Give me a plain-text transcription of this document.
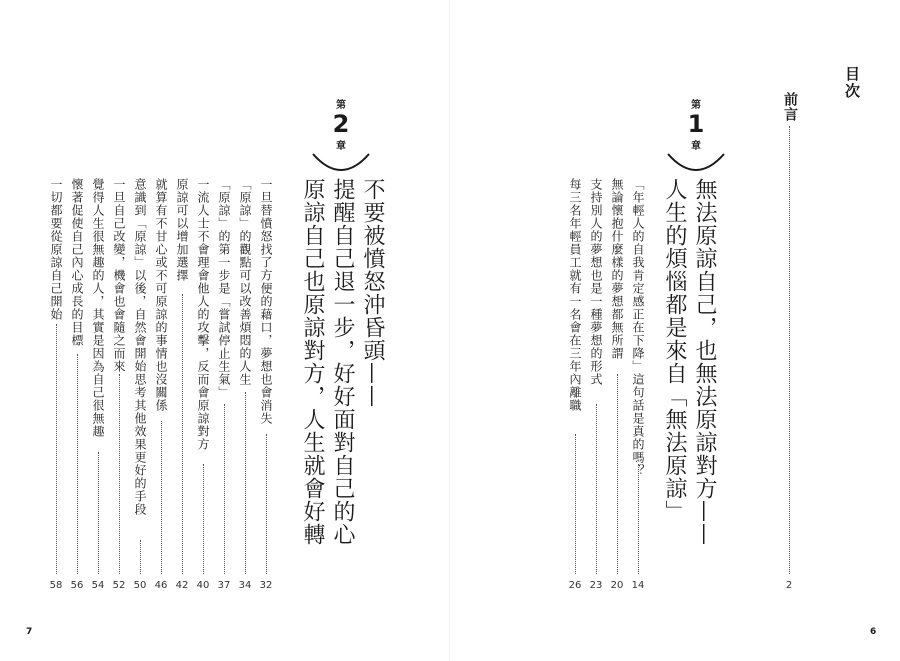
目次
前言
2
第
1
章
無法原諒自己，也無法原諒對方——
人生的煩惱都是來自「無法原諒」
「年輕人的自我肯定感正在下降」這句話是真的嗎？
14
無論懷抱什麼樣的夢想都無所謂
20
支持別人的夢想也是一種夢想的形式
23
每三名年輕員工就有一名會在三年內離職
26
6
第
2
章
不要被憤怒沖昏頭——
提醒自己退一步，好好面對自己的心
原諒自己也原諒對方，人生就會好轉
一旦替憤怒找了方便的藉口，夢想也會消失
32
「原諒」的觀點可以改善煩悶的人生
34
「原諒」的第一步是「嘗試停止生氣」
37
一流人士不會理會他人的攻擊，反而會原諒對方
40
原諒可以增加選擇
42
就算有不甘心或不可原諒的事情也沒關係
46
意識到「原諒」以後，自然會開始思考其他效果更好的手段
50
一旦自己改變，機會也會隨之而來
52
覺得人生很無趣的人，其實是因為自己很無趣
54
懷著促使自己內心成長的目標
56
一切都要從原諒自己開始
58
7
